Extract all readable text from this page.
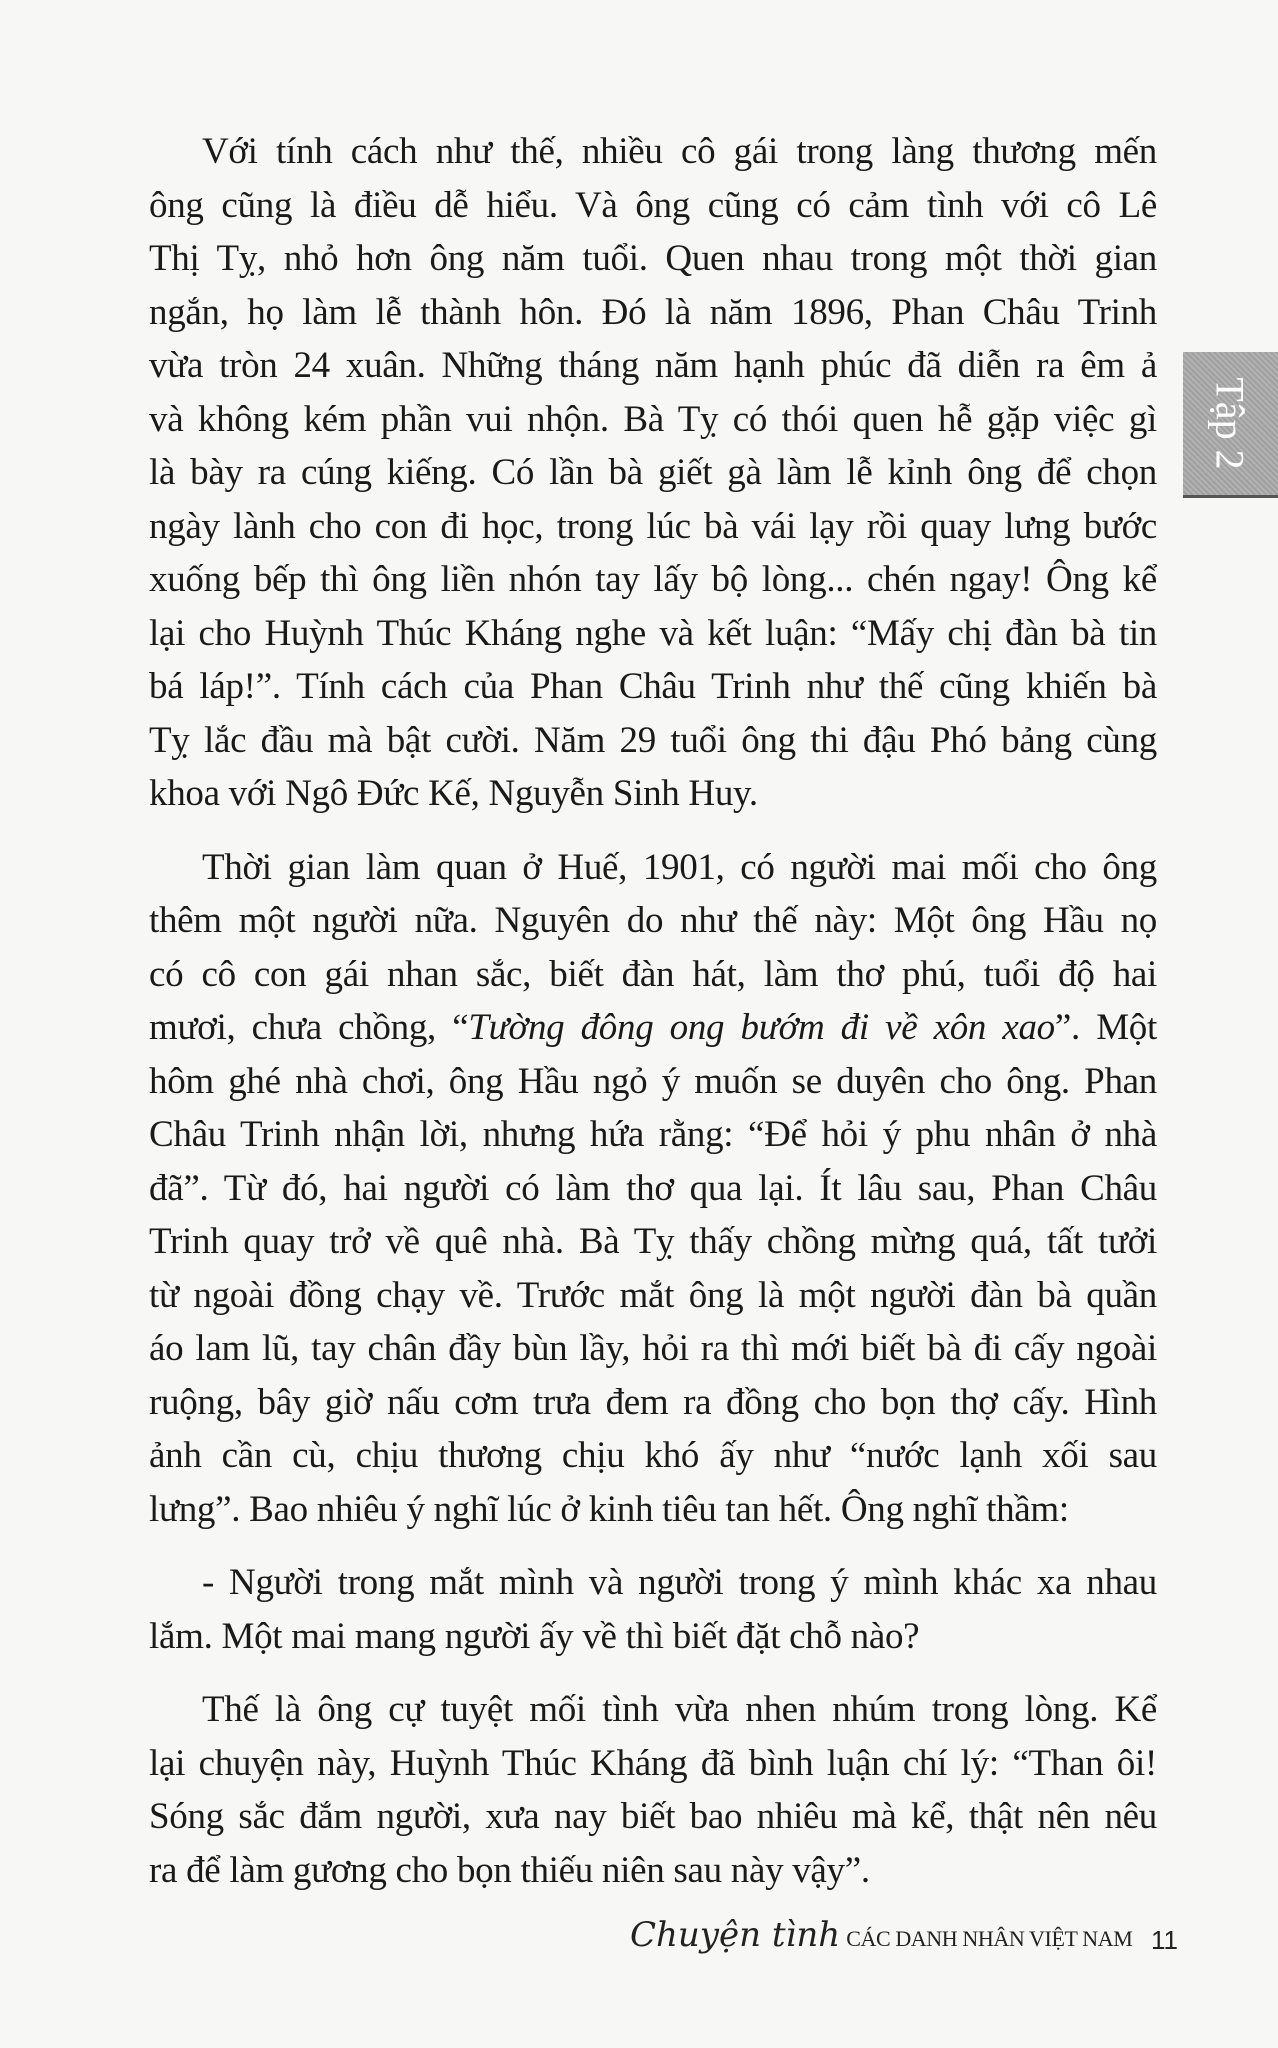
Tập 2

Với tính cách như thế, nhiều cô gái trong làng thương mến
ông cũng là điều dễ hiểu. Và ông cũng có cảm tình với cô Lê
Thị Tỵ, nhỏ hơn ông năm tuổi. Quen nhau trong một thời gian
ngắn, họ làm lễ thành hôn. Đó là năm 1896, Phan Châu Trinh
vừa tròn 24 xuân. Những tháng năm hạnh phúc đã diễn ra êm ả
và không kém phần vui nhộn. Bà Tỵ có thói quen hễ gặp việc gì
là bày ra cúng kiếng. Có lần bà giết gà làm lễ kỉnh ông để chọn
ngày lành cho con đi học, trong lúc bà vái lạy rồi quay lưng bước
xuống bếp thì ông liền nhón tay lấy bộ lòng... chén ngay! Ông kể
lại cho Huỳnh Thúc Kháng nghe và kết luận: “Mấy chị đàn bà tin
bá láp!”. Tính cách của Phan Châu Trinh như thế cũng khiến bà
Tỵ lắc đầu mà bật cười. Năm 29 tuổi ông thi đậu Phó bảng cùng
khoa với Ngô Đức Kế, Nguyễn Sinh Huy.

Thời gian làm quan ở Huế, 1901, có người mai mối cho ông
thêm một người nữa. Nguyên do như thế này: Một ông Hầu nọ
có cô con gái nhan sắc, biết đàn hát, làm thơ phú, tuổi độ hai
mươi, chưa chồng, “Tường đông ong bướm đi về xôn xao”. Một
hôm ghé nhà chơi, ông Hầu ngỏ ý muốn se duyên cho ông. Phan
Châu Trinh nhận lời, nhưng hứa rằng: “Để hỏi ý phu nhân ở nhà
đã”. Từ đó, hai người có làm thơ qua lại. Ít lâu sau, Phan Châu
Trinh quay trở về quê nhà. Bà Tỵ thấy chồng mừng quá, tất tưởi
từ ngoài đồng chạy về. Trước mắt ông là một người đàn bà quần
áo lam lũ, tay chân đầy bùn lầy, hỏi ra thì mới biết bà đi cấy ngoài
ruộng, bây giờ nấu cơm trưa đem ra đồng cho bọn thợ cấy. Hình
ảnh cần cù, chịu thương chịu khó ấy như “nước lạnh xối sau
lưng”. Bao nhiêu ý nghĩ lúc ở kinh tiêu tan hết. Ông nghĩ thầm:

- Người trong mắt mình và người trong ý mình khác xa nhau
lắm. Một mai mang người ấy về thì biết đặt chỗ nào?

Thế là ông cự tuyệt mối tình vừa nhen nhúm trong lòng. Kể
lại chuyện này, Huỳnh Thúc Kháng đã bình luận chí lý: “Than ôi!
Sóng sắc đắm người, xưa nay biết bao nhiêu mà kể, thật nên nêu
ra để làm gương cho bọn thiếu niên sau này vậy”.

Chuyện tình CÁC DANH NHÂN VIỆT NAM 11
